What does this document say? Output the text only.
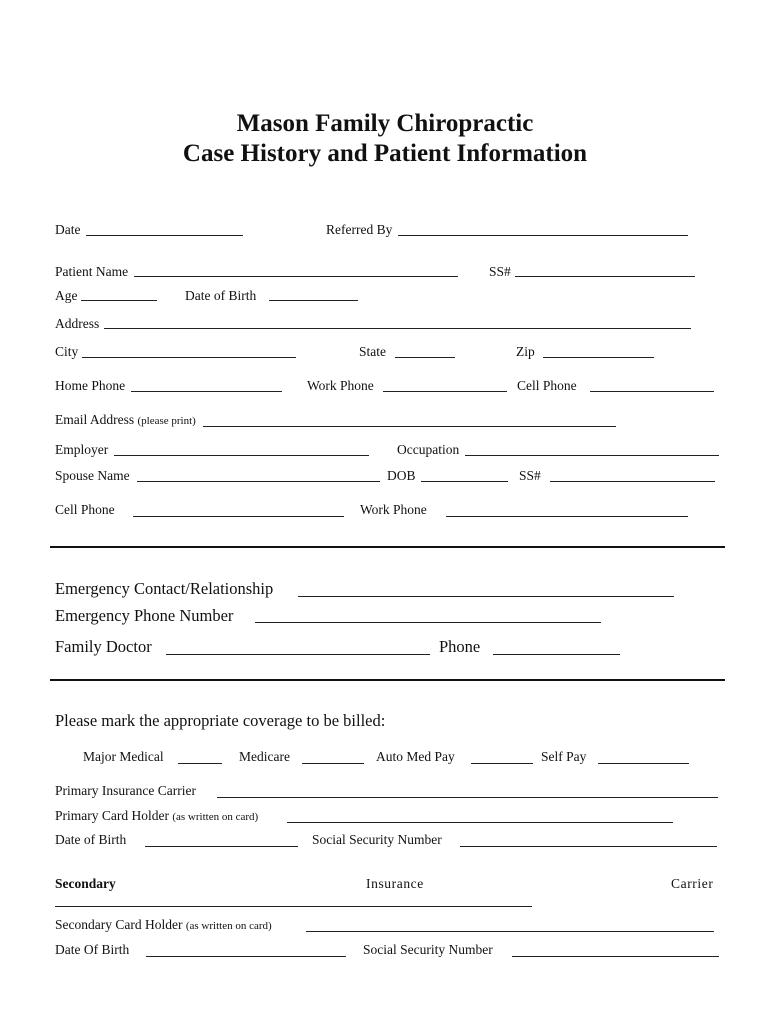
Mason Family Chiropractic
Case History and Patient Information
Date	Referred By
Patient Name	SS#
Age	Date of Birth
Address
City	State	Zip
Home Phone	Work Phone	Cell Phone
Email Address (please print)
Employer	Occupation
Spouse Name	DOB	SS#
Cell Phone	Work Phone
Emergency Contact/Relationship
Emergency Phone Number
Family Doctor	Phone
Please mark the appropriate coverage to be billed:
Major Medical	Medicare	Auto Med Pay	Self Pay
Primary Insurance Carrier
Primary Card Holder (as written on card)
Date of Birth	Social Security Number
Secondary	Insurance	Carrier
Secondary Card Holder (as written on card)
Date Of Birth	Social Security Number
